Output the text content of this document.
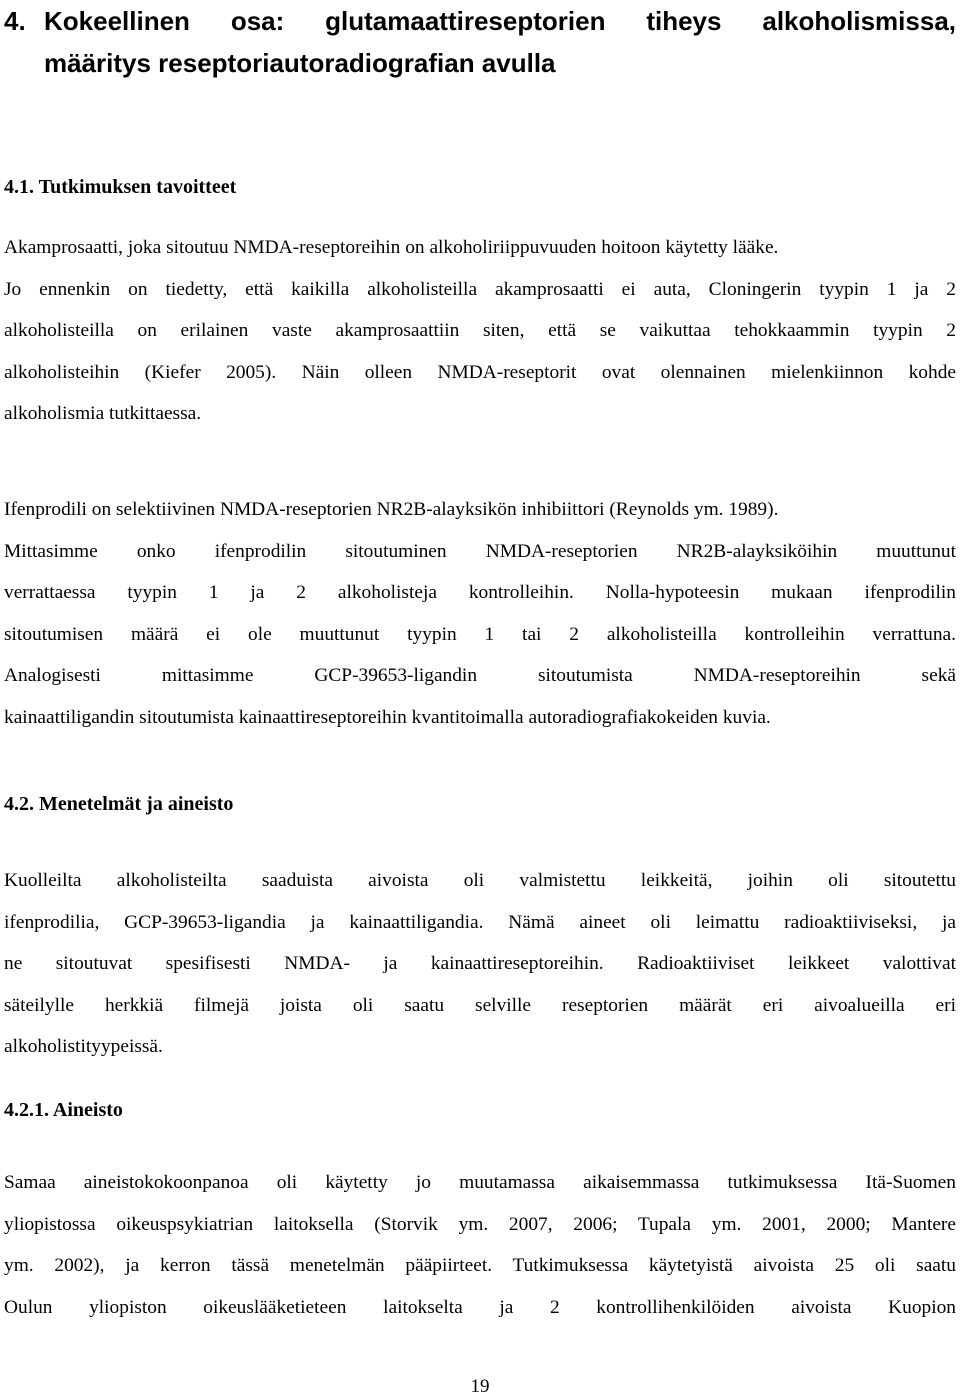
4. Kokeellinen osa: glutamaattireseptorien tiheys alkoholismissa,
määritys reseptoriautoradiografian avulla
4.1. Tutkimuksen tavoitteet
Akamprosaatti, joka sitoutuu NMDA-reseptoreihin on alkoholiriippuvuuden hoitoon käytetty lääke.
Jo ennenkin on tiedetty, että kaikilla alkoholisteilla akamprosaatti ei auta, Cloningerin tyypin 1 ja 2
alkoholisteilla on erilainen vaste akamprosaattiin siten, että se vaikuttaa tehokkaammin tyypin 2
alkoholisteihin (Kiefer 2005). Näin olleen NMDA-reseptorit ovat olennainen mielenkiinnon kohde
alkoholismia tutkittaessa.
Ifenprodili on selektiivinen NMDA-reseptorien NR2B-alayksikön inhibiittori (Reynolds ym. 1989).
Mittasimme onko ifenprodilin sitoutuminen NMDA-reseptorien NR2B-alayksiköihin muuttunut
verrattaessa tyypin 1 ja 2 alkoholisteja kontrolleihin. Nolla-hypoteesin mukaan ifenprodilin
sitoutumisen määrä ei ole muuttunut tyypin 1 tai 2 alkoholisteilla kontrolleihin verrattuna.
Analogisesti mittasimme GCP-39653-ligandin sitoutumista NMDA-reseptoreihin sekä
kainaattiligandin sitoutumista kainaattireseptoreihin kvantitoimalla autoradiografiakokeiden kuvia.
4.2. Menetelmät ja aineisto
Kuolleilta alkoholisteilta saaduista aivoista oli valmistettu leikkeitä, joihin oli sitoutettu
ifenprodilia, GCP-39653-ligandia ja kainaattiligandia. Nämä aineet oli leimattu radioaktiiviseksi, ja
ne sitoutuvat spesifisesti NMDA- ja kainaattireseptoreihin. Radioaktiiviset leikkeet valottivat
säteilylle herkkiä filmejä joista oli saatu selville reseptorien määrät eri aivoalueilla eri
alkoholistityypeissä.
4.2.1. Aineisto
Samaa aineistokokoonpanoa oli käytetty jo muutamassa aikaisemmassa tutkimuksessa Itä-Suomen
yliopistossa oikeuspsykiatrian laitoksella (Storvik ym. 2007, 2006; Tupala ym. 2001, 2000; Mantere
ym. 2002), ja kerron tässä menetelmän pääpiirteet. Tutkimuksessa käytetyistä aivoista 25 oli saatu
Oulun yliopiston oikeuslääketieteen laitokselta ja 2 kontrollihenkilöiden aivoista Kuopion
19
